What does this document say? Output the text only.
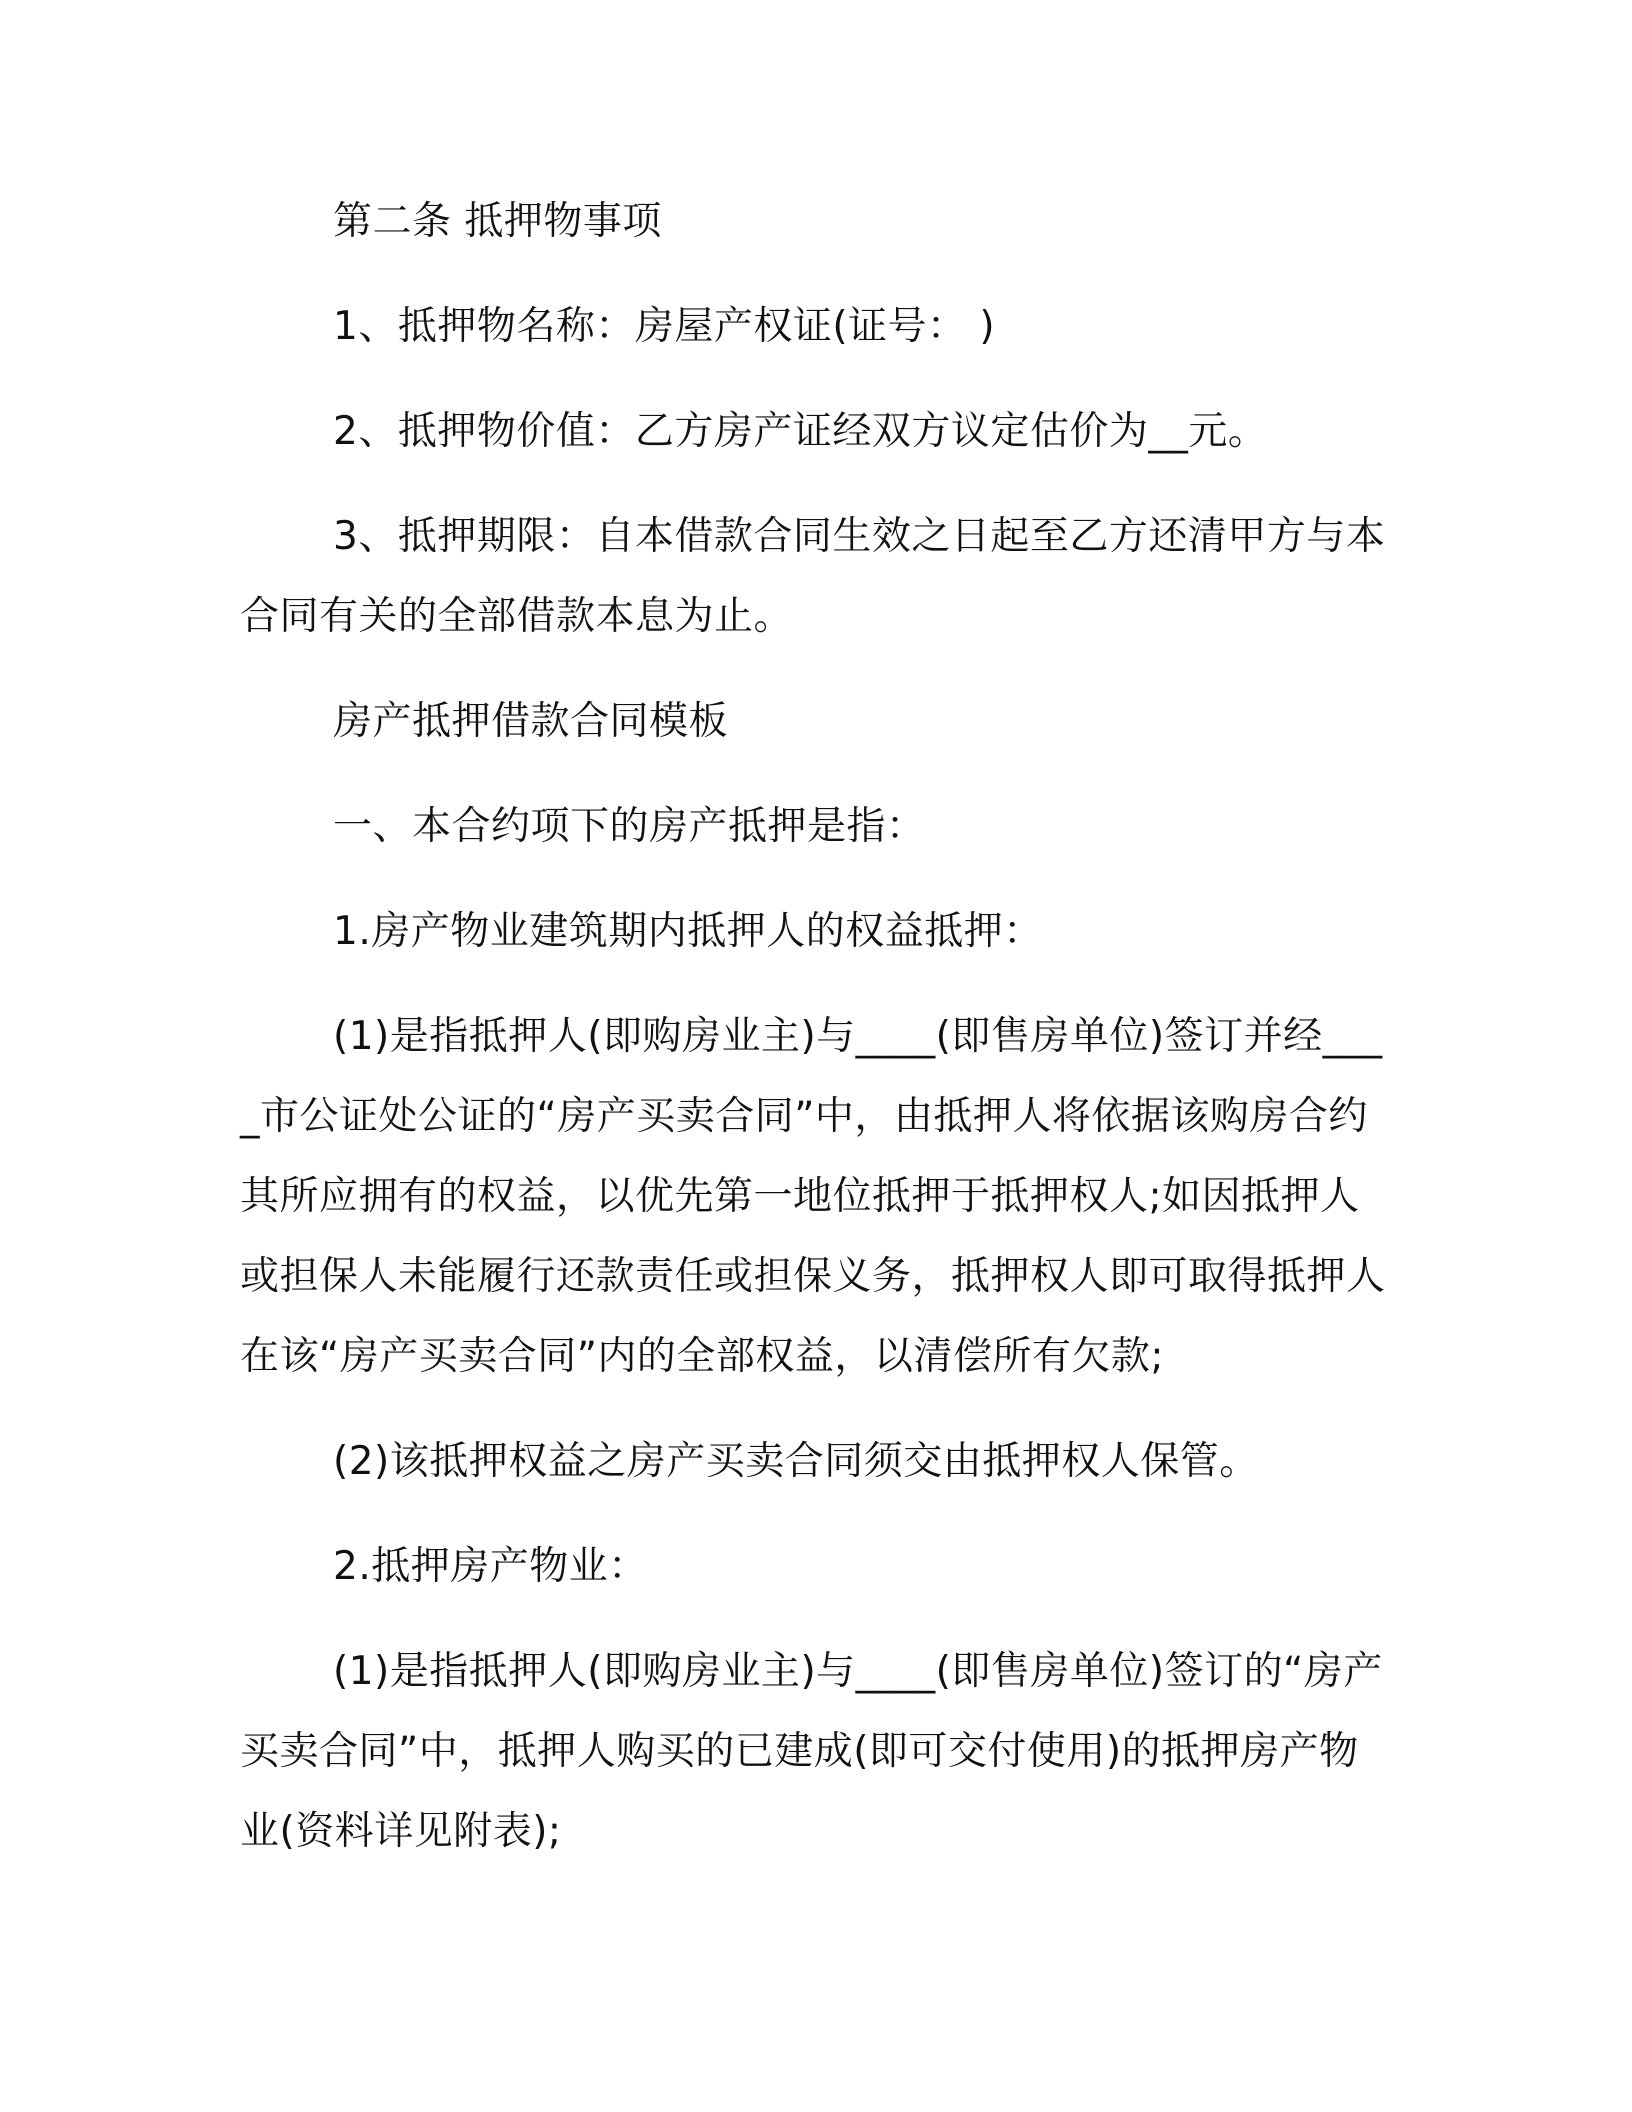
第二条 抵押物事项

1、抵押物名称：房屋产权证(证号： )

2、抵押物价值：乙方房产证经双方议定估价为__元。

3、抵押期限：自本借款合同生效之日起至乙方还清甲方与本合同有关的全部借款本息为止。

房产抵押借款合同模板

一、本合约项下的房产抵押是指：

1.房产物业建筑期内抵押人的权益抵押：

(1)是指抵押人(即购房业主)与____(即售房单位)签订并经____市公证处公证的“房产买卖合同”中，由抵押人将依据该购房合约其所应拥有的权益，以优先第一地位抵押于抵押权人;如因抵押人或担保人未能履行还款责任或担保义务，抵押权人即可取得抵押人在该“房产买卖合同”内的全部权益，以清偿所有欠款;

(2)该抵押权益之房产买卖合同须交由抵押权人保管。

2.抵押房产物业：

(1)是指抵押人(即购房业主)与____(即售房单位)签订的“房产买卖合同”中，抵押人购买的已建成(即可交付使用)的抵押房产物业(资料详见附表);
